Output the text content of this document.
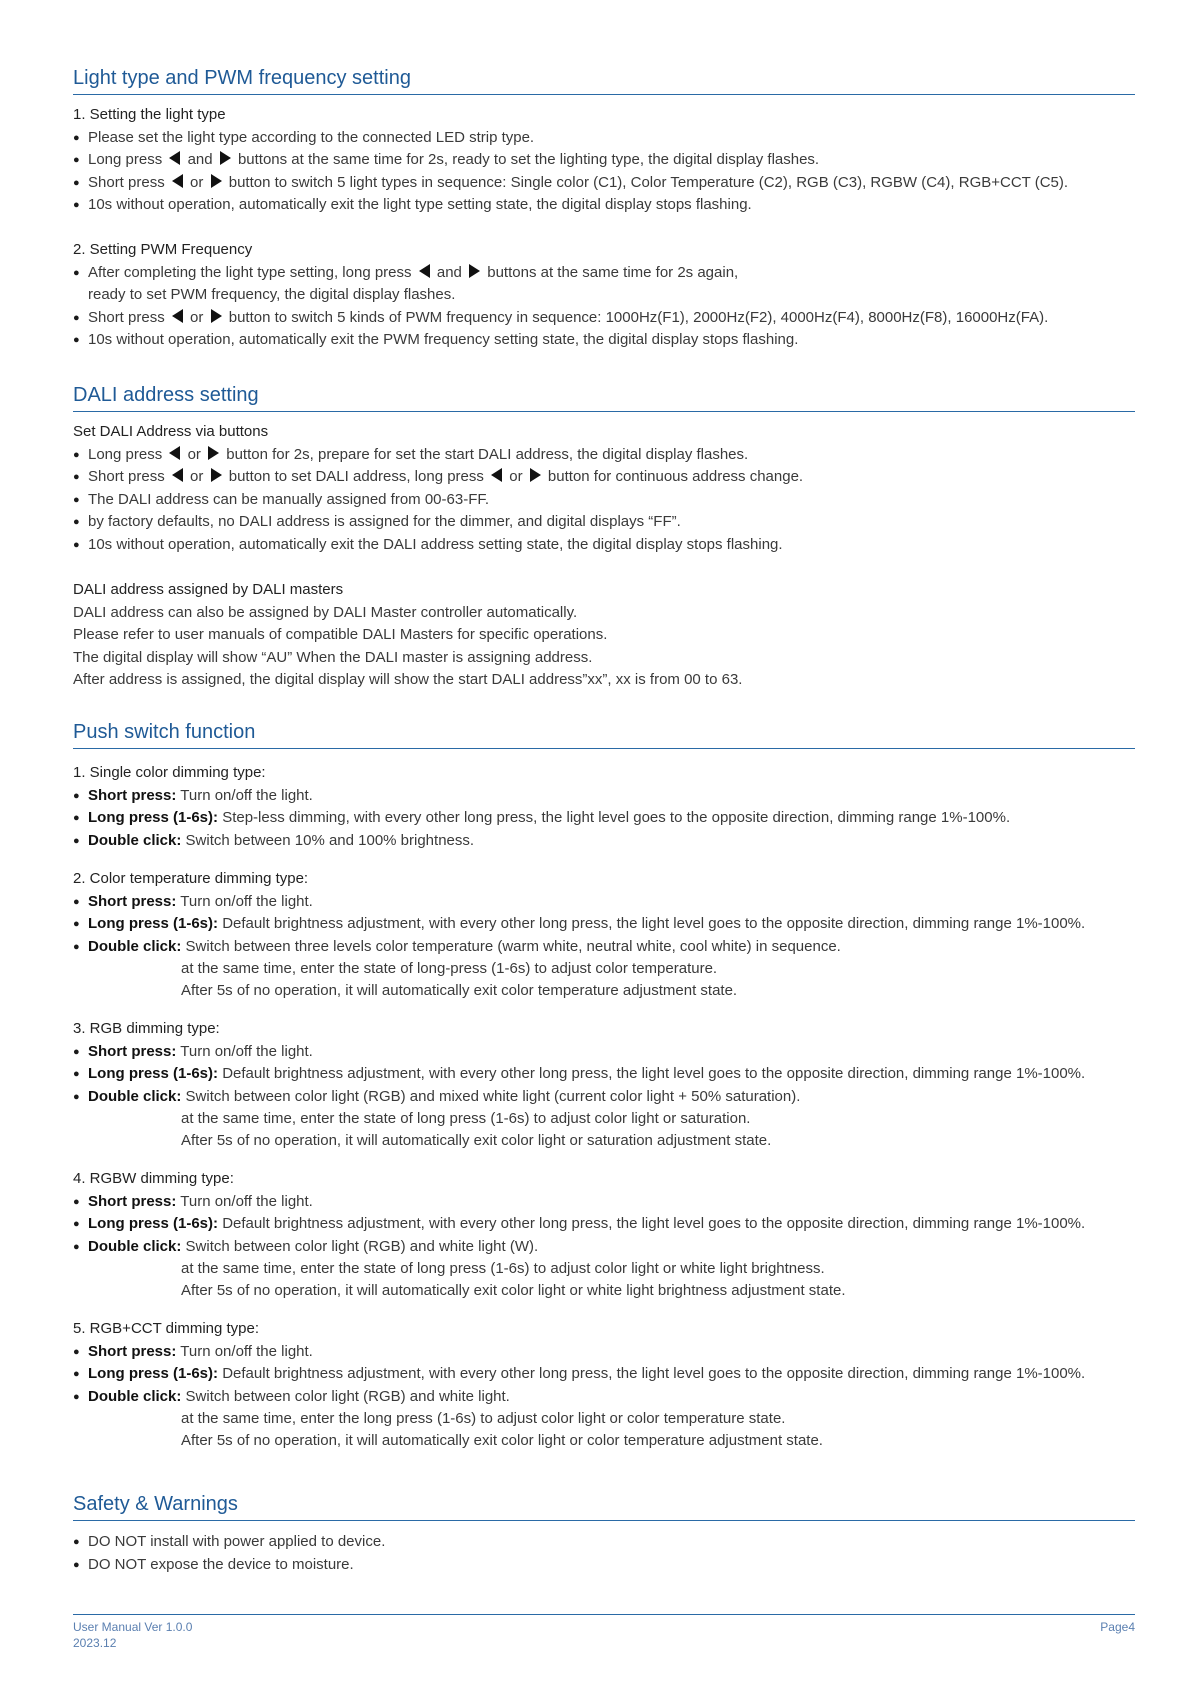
Light type and PWM frequency setting
1. Setting the light type
● Please set the light type according to the connected LED strip type.
● Long press and buttons at the same time for 2s, ready to set the lighting type, the digital display flashes.
● Short press or button to switch 5 light types in sequence: Single color (C1), Color Temperature (C2), RGB (C3), RGBW (C4), RGB+CCT (C5).
● 10s without operation, automatically exit the light type setting state, the digital display stops flashing.
2. Setting PWM Frequency
● After completing the light type setting, long press and buttons at the same time for 2s again,
ready to set PWM frequency, the digital display flashes.
● Short press or button to switch 5 kinds of PWM frequency in sequence: 1000Hz(F1), 2000Hz(F2), 4000Hz(F4), 8000Hz(F8), 16000Hz(FA).
● 10s without operation, automatically exit the PWM frequency setting state, the digital display stops flashing.
DALI address setting
Set DALI Address via buttons
● Long press or button for 2s, prepare for set the start DALI address, the digital display flashes.
● Short press or button to set DALI address, long press or button for continuous address change.
● The DALI address can be manually assigned from 00-63-FF.
● by factory defaults, no DALI address is assigned for the dimmer, and digital displays “FF”.
● 10s without operation, automatically exit the DALI address setting state, the digital display stops flashing.
DALI address assigned by DALI masters
DALI address can also be assigned by DALI Master controller automatically.
Please refer to user manuals of compatible DALI Masters for specific operations.
The digital display will show “AU” When the DALI master is assigning address.
After address is assigned, the digital display will show the start DALI address”xx”, xx is from 00 to 63.
Push switch function
1. Single color dimming type:
● Short press: Turn on/off the light.
● Long press (1-6s): Step-less dimming, with every other long press, the light level goes to the opposite direction, dimming range 1%-100%.
● Double click: Switch between 10% and 100% brightness.
2. Color temperature dimming type:
● Short press: Turn on/off the light.
● Long press (1-6s): Default brightness adjustment, with every other long press, the light level goes to the opposite direction, dimming range 1%-100%.
● Double click: Switch between three levels color temperature (warm white, neutral white, cool white) in sequence.
at the same time, enter the state of long-press (1-6s) to adjust color temperature.
After 5s of no operation, it will automatically exit color temperature adjustment state.
3. RGB dimming type:
● Short press: Turn on/off the light.
● Long press (1-6s): Default brightness adjustment, with every other long press, the light level goes to the opposite direction, dimming range 1%-100%.
● Double click: Switch between color light (RGB) and mixed white light (current color light + 50% saturation).
at the same time, enter the state of long press (1-6s) to adjust color light or saturation.
After 5s of no operation, it will automatically exit color light or saturation adjustment state.
4. RGBW dimming type:
● Short press: Turn on/off the light.
● Long press (1-6s): Default brightness adjustment, with every other long press, the light level goes to the opposite direction, dimming range 1%-100%.
● Double click: Switch between color light (RGB) and white light (W).
at the same time, enter the state of long press (1-6s) to adjust color light or white light brightness.
After 5s of no operation, it will automatically exit color light or white light brightness adjustment state.
5. RGB+CCT dimming type:
● Short press: Turn on/off the light.
● Long press (1-6s): Default brightness adjustment, with every other long press, the light level goes to the opposite direction, dimming range 1%-100%.
● Double click: Switch between color light (RGB) and white light.
at the same time, enter the long press (1-6s) to adjust color light or color temperature state.
After 5s of no operation, it will automatically exit color light or color temperature adjustment state.
Safety & Warnings
● DO NOT install with power applied to device.
● DO NOT expose the device to moisture.
User Manual Ver 1.0.0
2023.12
Page4
